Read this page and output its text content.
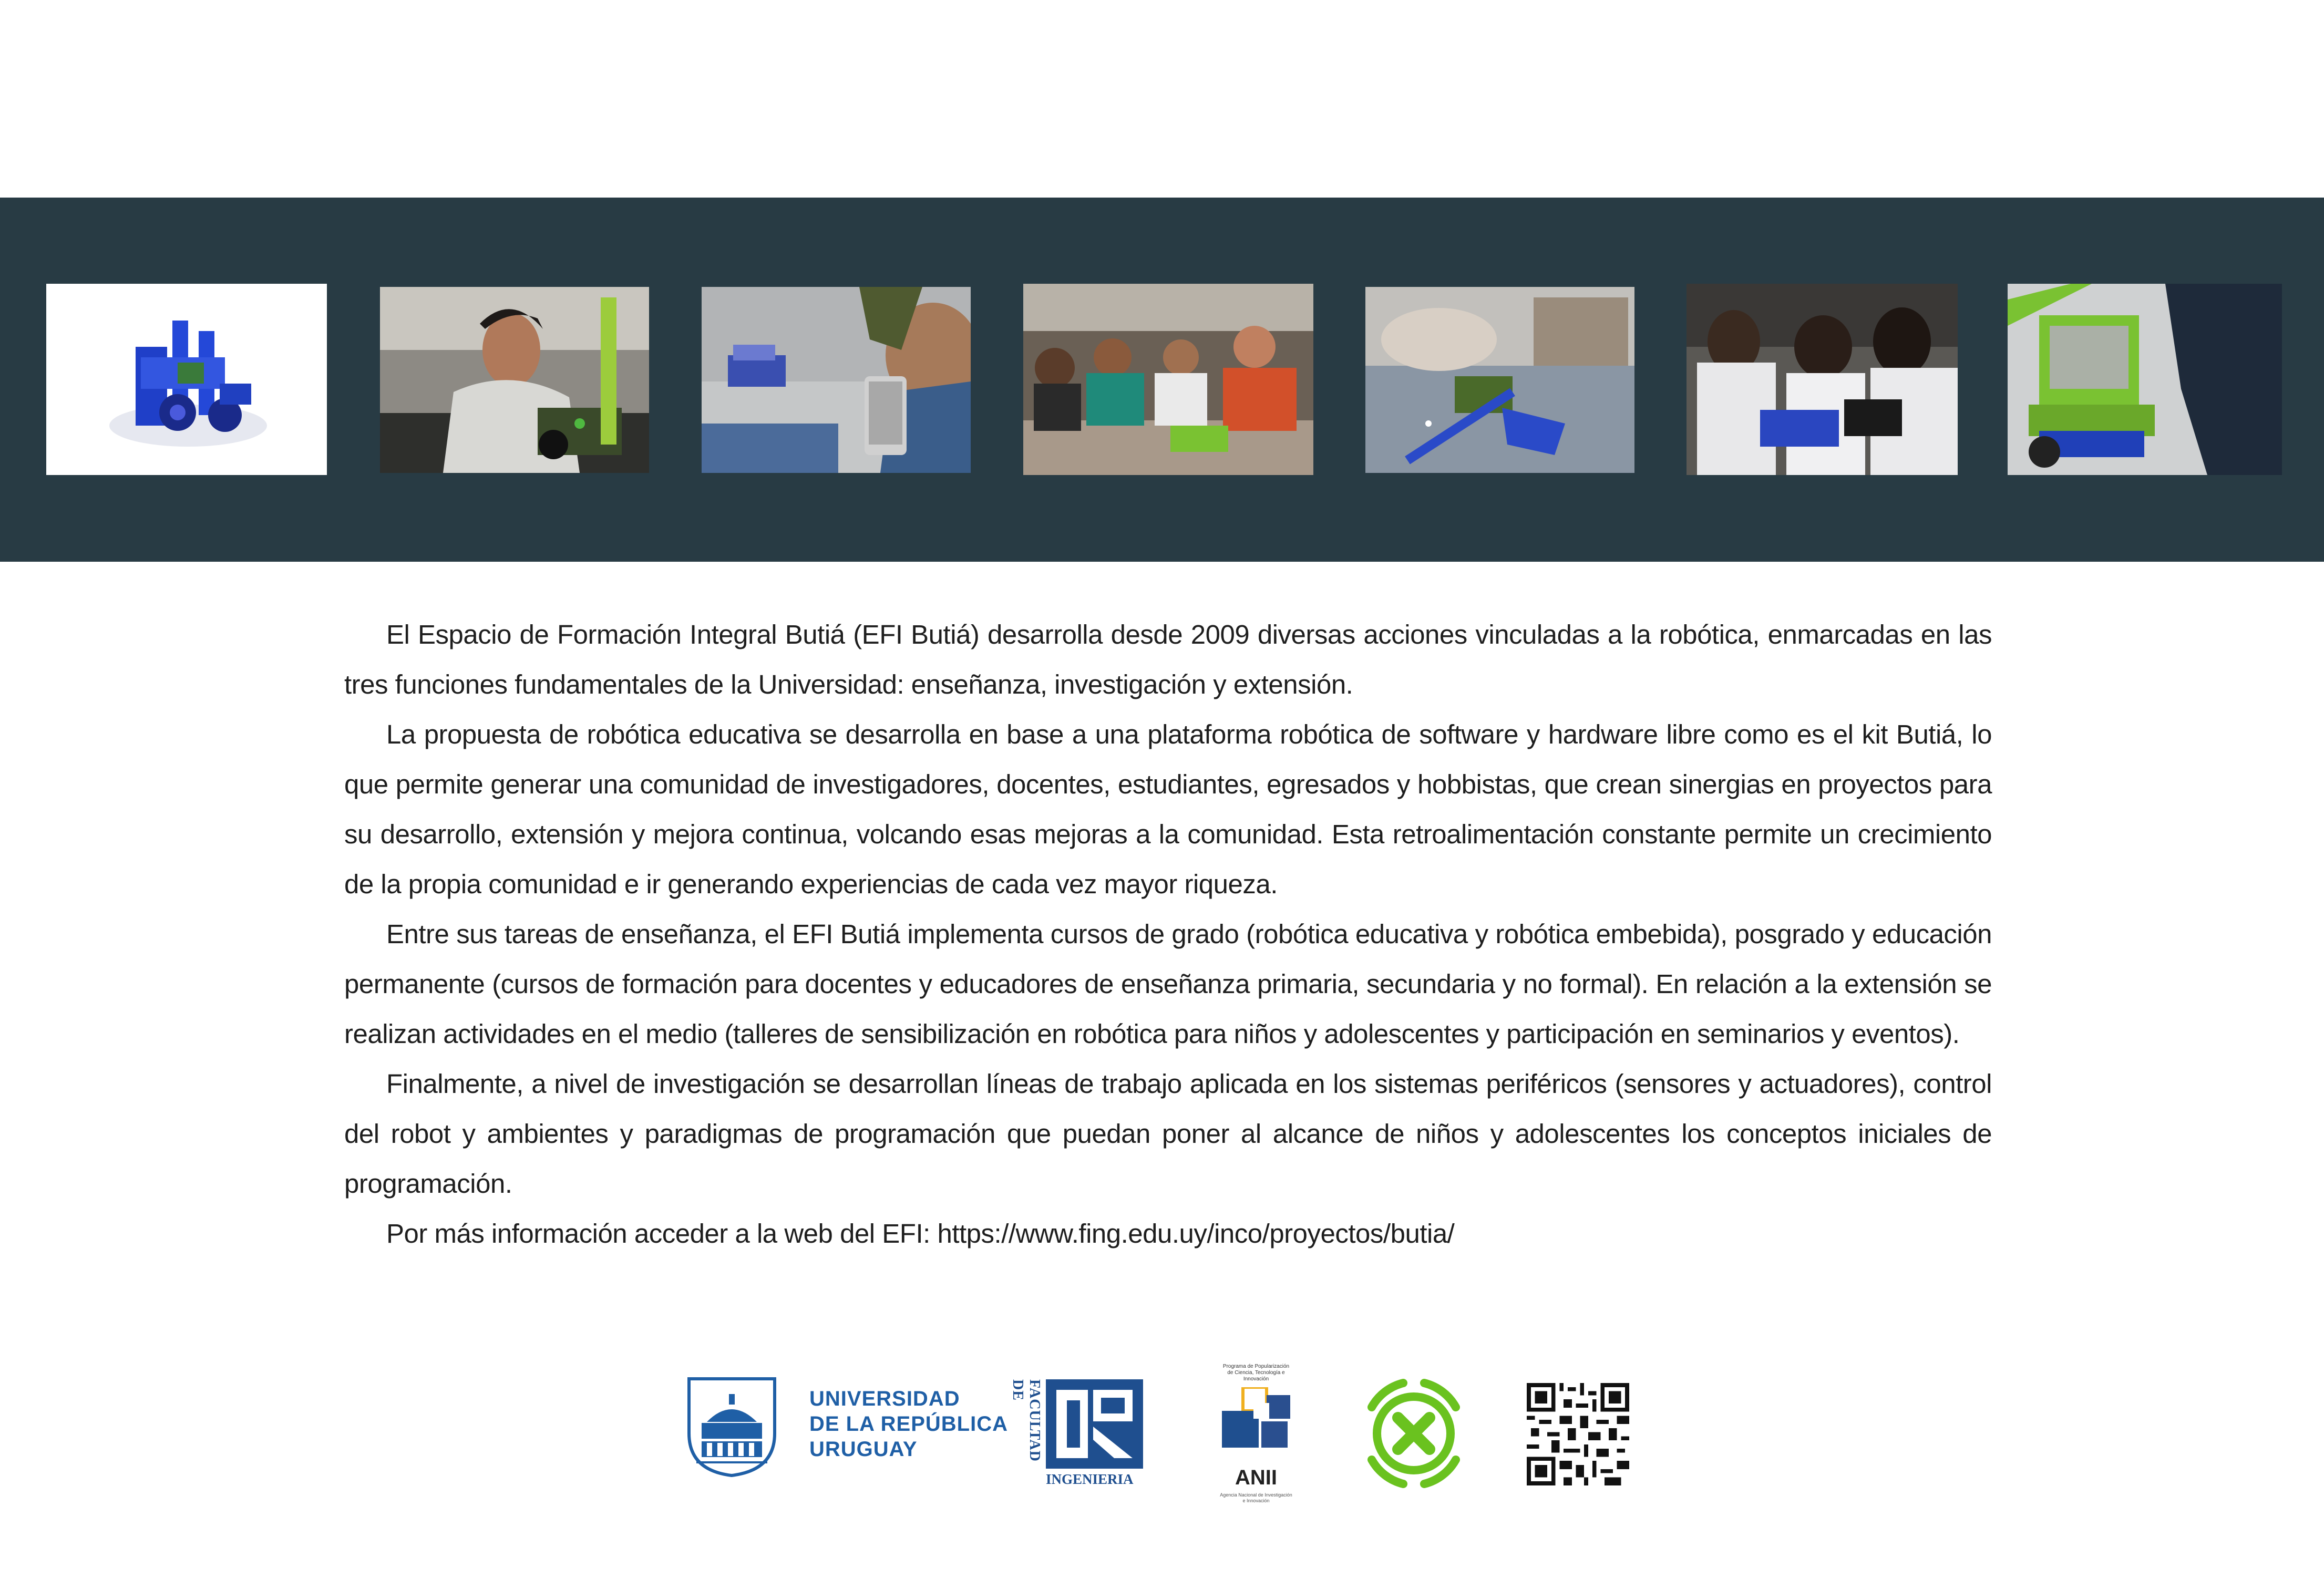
El Espacio de Formación Integral Butiá (EFI Butiá) desarrolla desde 2009 diversas acciones vinculadas a la robótica, enmarcadas en las tres funciones fundamentales de la Universidad: enseñanza, investigación y extensión.

La propuesta de robótica educativa se desarrolla en base a una plataforma robótica de software y hardware libre como es el kit Butiá, lo que permite generar una comunidad de investigadores, docentes, estudiantes, egresados y hobbistas, que crean sinergias en proyectos para su desarrollo, extensión y mejora continua, volcando esas mejoras a la comunidad. Esta retroalimentación constante permite un crecimiento de la propia comunidad e ir generando experiencias de cada vez mayor riqueza.

Entre sus tareas de enseñanza, el EFI Butiá implementa cursos de grado (robótica educativa y robótica embebida), posgrado y educación permanente (cursos de formación para docentes y educadores de enseñanza primaria, secundaria y no formal). En relación a la extensión se realizan actividades en el medio (talleres de sensibilización en robótica para niños y adolescentes y participación en seminarios y eventos).

Finalmente, a nivel de investigación se desarrollan líneas de trabajo aplicada en los sistemas periféricos (sensores y actuadores), control del robot y ambientes y paradigmas de programación que puedan poner al alcance de niños y adolescentes los conceptos iniciales de programación.

Por más información acceder a la web del EFI: https://www.fing.edu.uy/inco/proyectos/butia/

UNIVERSIDAD
DE LA REPÚBLICA
URUGUAY	FACULTAD DE
INGENIERIA
Programa de Popularización de Ciencia, Tecnología e Innovación
ANII
Agencia Nacional de Investigación e Innovación
